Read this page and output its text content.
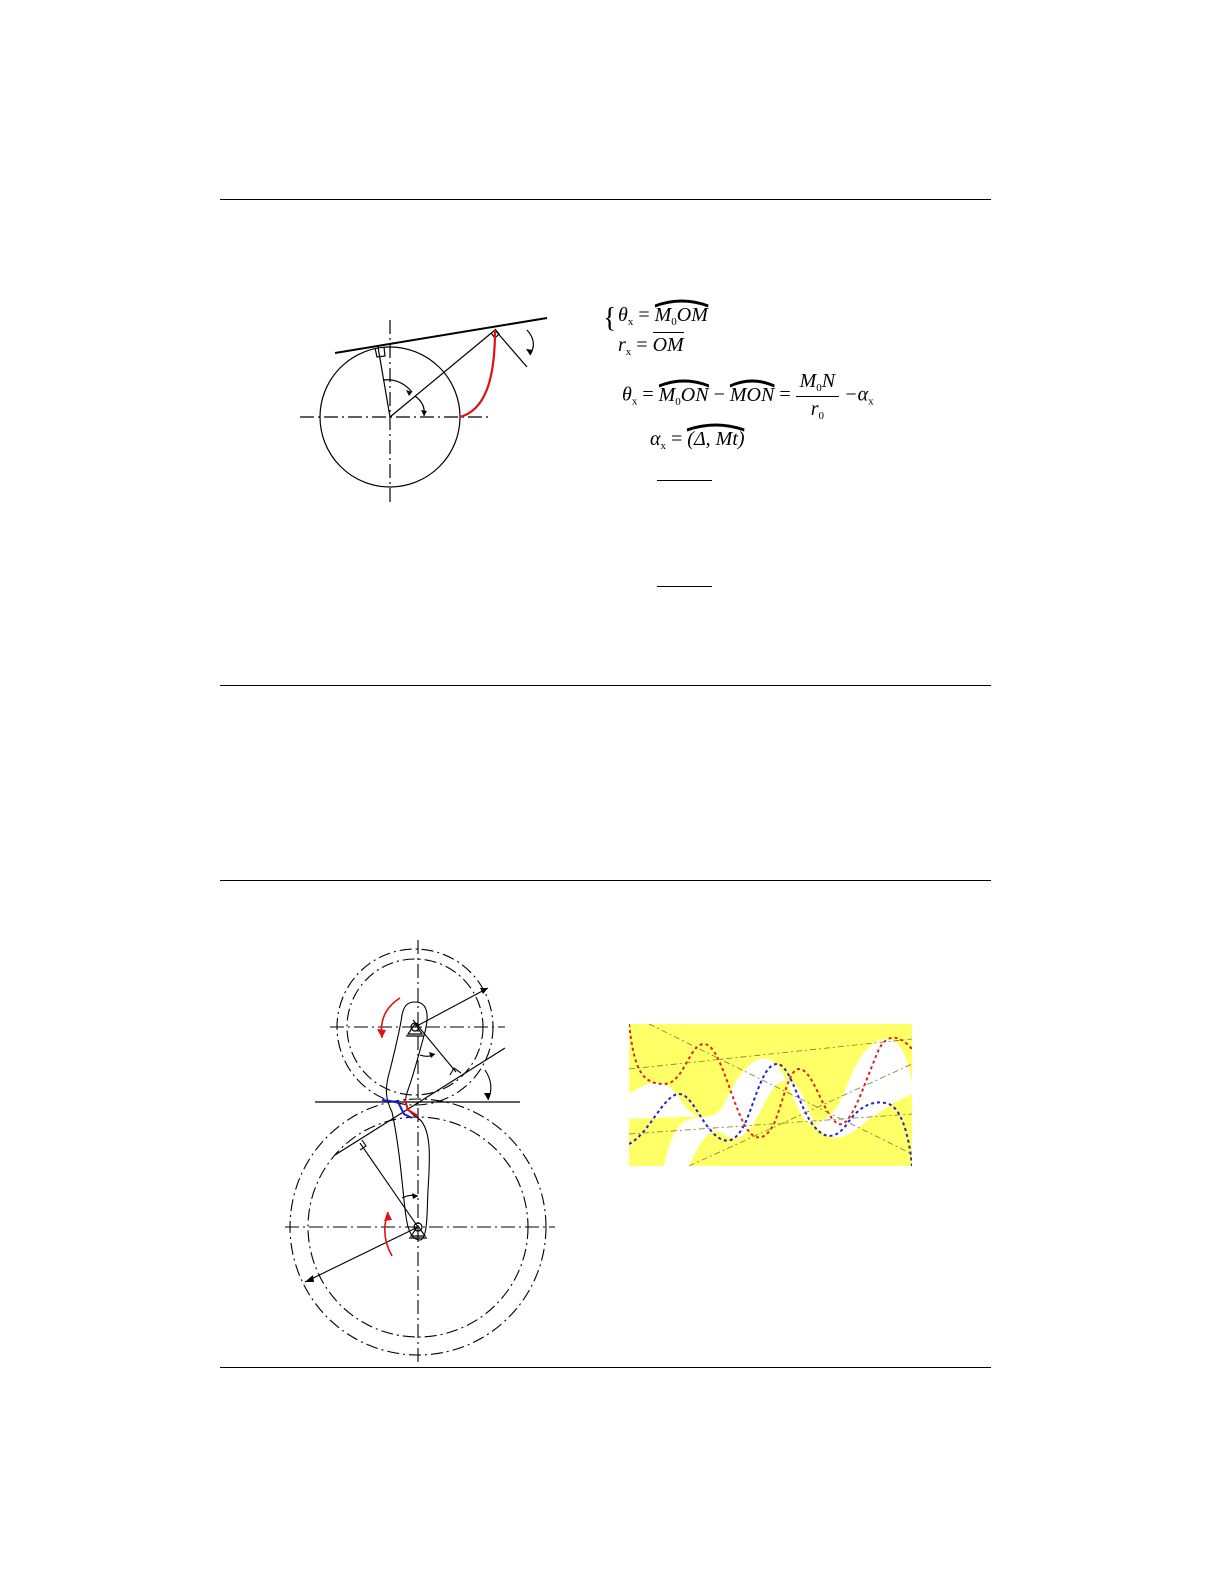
{ $\theta_x = M_0OM$
$r_x$ = OM
$\theta_x = M_0ON$ − MON = $\frac{M_0N}{r_0} -\alpha_x$
$\alpha_x = (\Delta$, Mt)
